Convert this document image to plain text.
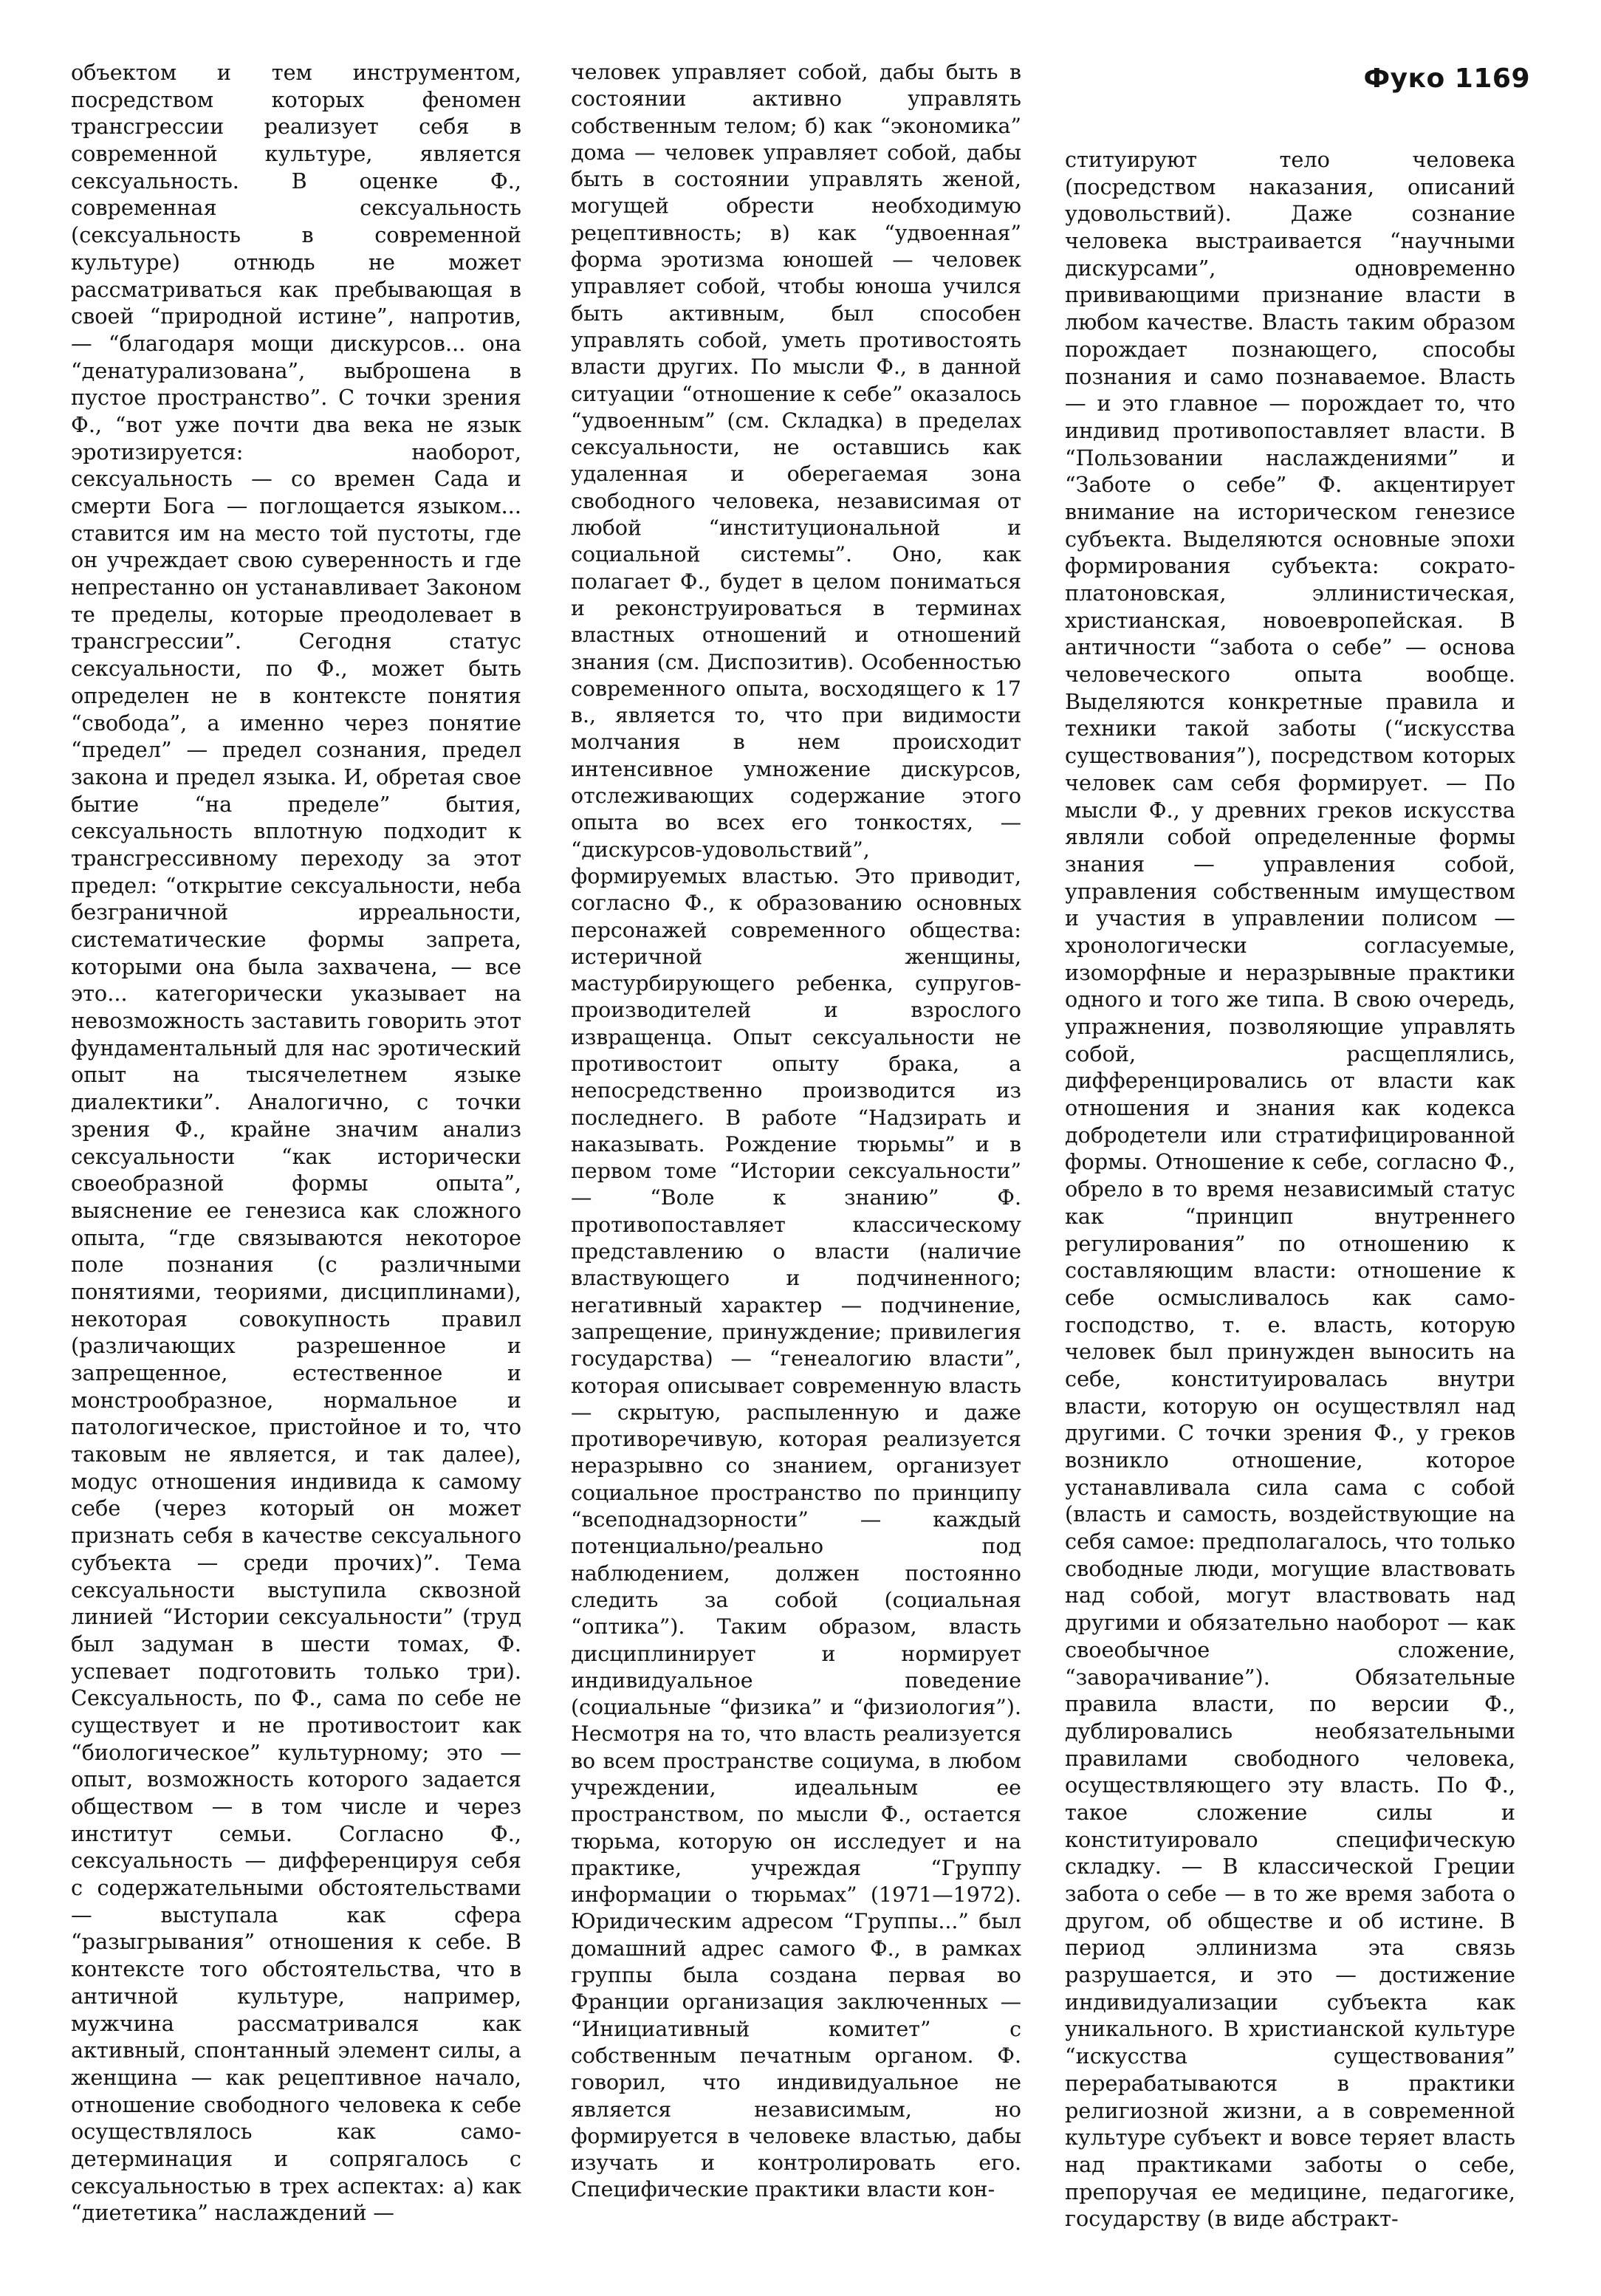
Фуко 1169
объектом и тем инструментом, посредством которых феномен трансгрессии реализует себя в современной культуре, является сексуальность. В оценке Ф., современная сексуальность (сексуальность в современной культуре) отнюдь не может рассматриваться как пребывающая в своей “природной истине”, напротив, — “благодаря мощи дискурсов... она “денатурализована”, выброшена в пустое пространство”. С точки зрения Ф., “вот уже почти два века не язык эротизируется: наоборот, сексуальность — со времен Сада и смерти Бога — поглощается языком... ставится им на место той пустоты, где он учреждает свою суверенность и где непрестанно он устанавливает Законом те пределы, которые преодолевает в трансгрессии”. Сегодня статус сексуальности, по Ф., может быть определен не в контексте понятия “свобода”, а именно через понятие “предел” — предел сознания, предел закона и предел языка. И, обретая свое бытие “на пределе” бытия, сексуальность вплотную подходит к трансгрессивному переходу за этот предел: “открытие сексуальности, неба безграничной ирреальности, систематические формы запрета, которыми она была захвачена, — все это... категорически указывает на невозможность заставить говорить этот фундаментальный для нас эротический опыт на тысячелетнем языке диалектики”. Аналогично, с точки зрения Ф., крайне значим анализ сексуальности “как исторически своеобразной формы опыта”, выяснение ее генезиса как сложного опыта, “где связываются некоторое поле познания (с различными понятиями, теориями, дисциплинами), некоторая совокупность правил (различающих разрешенное и запрещенное, естественное и монстрообразное, нормальное и патологическое, пристойное и то, что таковым не является, и так далее), модус отношения индивида к самому себе (через который он может признать себя в качестве сексуального субъекта — среди прочих)”. Тема сексуальности выступила сквозной линией “Истории сексуальности” (труд был задуман в шести томах, Ф. успевает подготовить только три). Сексуальность, по Ф., сама по себе не существует и не противостоит как “биологическое” культурному; это — опыт, возможность которого задается обществом — в том числе и через институт семьи. Согласно Ф., сексуальность — дифференцируя себя с содержательными обстоятельствами — выступала как сфера “разыгрывания” отношения к себе. В контексте того обстоятельства, что в античной культуре, например, мужчина рассматривался как активный, спонтанный элемент силы, а женщина — как рецептивное начало, отношение свободного человека к себе осуществлялось как само-детерминация и сопрягалось с сексуальностью в трех аспектах: а) как “диететика” наслаждений —
человек управляет собой, дабы быть в состоянии активно управлять собственным телом; б) как “экономика” дома — человек управляет собой, дабы быть в состоянии управлять женой, могущей обрести необходимую рецептивность; в) как “удвоенная” форма эротизма юношей — человек управляет собой, чтобы юноша учился быть активным, был способен управлять собой, уметь противостоять власти других. По мысли Ф., в данной ситуации “отношение к себе” оказалось “удвоенным” (см. Складка) в пределах сексуальности, не оставшись как удаленная и оберегаемая зона свободного человека, независимая от любой “институциональной и социальной системы”. Оно, как полагает Ф., будет в целом пониматься и реконструироваться в терминах властных отношений и отношений знания (см. Диспозитив). Особенностью современного опыта, восходящего к 17 в., является то, что при видимости молчания в нем происходит интенсивное умножение дискурсов, отслеживающих содержание этого опыта во всех его тонкостях, — “дискурсов-удовольствий”, формируемых властью. Это приводит, согласно Ф., к образованию основных персонажей современного общества: истеричной женщины, мастурбирующего ребенка, супругов-производителей и взрослого извращенца. Опыт сексуальности не противостоит опыту брака, а непосредственно производится из последнего. В работе “Надзирать и наказывать. Рождение тюрьмы” и в первом томе “Истории сексуальности” — “Воле к знанию” Ф. противопоставляет классическому представлению о власти (наличие властвующего и подчиненного; негативный характер — подчинение, запрещение, принуждение; привилегия государства) — “генеалогию власти”, которая описывает современную власть — скрытую, распыленную и даже противоречивую, которая реализуется неразрывно со знанием, организует социальное пространство по принципу “всеподнадзорности” — каждый потенциально/реально под наблюдением, должен постоянно следить за собой (социальная “оптика”). Таким образом, власть дисциплинирует и нормирует индивидуальное поведение (социальные “физика” и “физиология”). Несмотря на то, что власть реализуется во всем пространстве социума, в любом учреждении, идеальным ее пространством, по мысли Ф., остается тюрьма, которую он исследует и на практике, учреждая “Группу информации о тюрьмах” (1971—1972). Юридическим адресом “Группы...” был домашний адрес самого Ф., в рамках группы была создана первая во Франции организация заключенных — “Инициативный комитет” с собственным печатным органом. Ф. говорил, что индивидуальное не является независимым, но формируется в человеке властью, дабы изучать и контролировать его. Специфические практики власти кон-
ституируют тело человека (посредством наказания, описаний удовольствий). Даже сознание человека выстраивается “научными дискурсами”, одновременно прививающими признание власти в любом качестве. Власть таким образом порождает познающего, способы познания и само познаваемое. Власть — и это главное — порождает то, что индивид противопоставляет власти. В “Пользовании наслаждениями” и “Заботе о себе” Ф. акцентирует внимание на историческом генезисе субъекта. Выделяются основные эпохи формирования субъекта: сократо-платоновская, эллинистическая, христианская, новоевропейская. В античности “забота о себе” — основа человеческого опыта вообще. Выделяются конкретные правила и техники такой заботы (“искусства существования”), посредством которых человек сам себя формирует. — По мысли Ф., у древних греков искусства являли собой определенные формы знания — управления собой, управления собственным имуществом и участия в управлении полисом — хронологически согласуемые, изоморфные и неразрывные практики одного и того же типа. В свою очередь, упражнения, позволяющие управлять собой, расщеплялись, дифференцировались от власти как отношения и знания как кодекса добродетели или стратифицированной формы. Отношение к себе, согласно Ф., обрело в то время независимый статус как “принцип внутреннего регулирования” по отношению к составляющим власти: отношение к себе осмысливалось как само-господство, т. е. власть, которую человек был принужден выносить на себе, конституировалась внутри власти, которую он осуществлял над другими. С точки зрения Ф., у греков возникло отношение, которое устанавливала сила сама с собой (власть и самость, воздействующие на себя самое: предполагалось, что только свободные люди, могущие властвовать над собой, могут властвовать над другими и обязательно наоборот — как своеобычное сложение, “заворачивание”). Обязательные правила власти, по версии Ф., дублировались необязательными правилами свободного человека, осуществляющего эту власть. По Ф., такое сложение силы и конституировало специфическую складку. — В классической Греции забота о себе — в то же время забота о другом, об обществе и об истине. В период эллинизма эта связь разрушается, и это — достижение индивидуализации субъекта как уникального. В христианской культуре “искусства существования” перерабатываются в практики религиозной жизни, а в современной культуре субъект и вовсе теряет власть над практиками заботы о себе, препоручая ее медицине, педагогике, государству (в виде абстракт-
